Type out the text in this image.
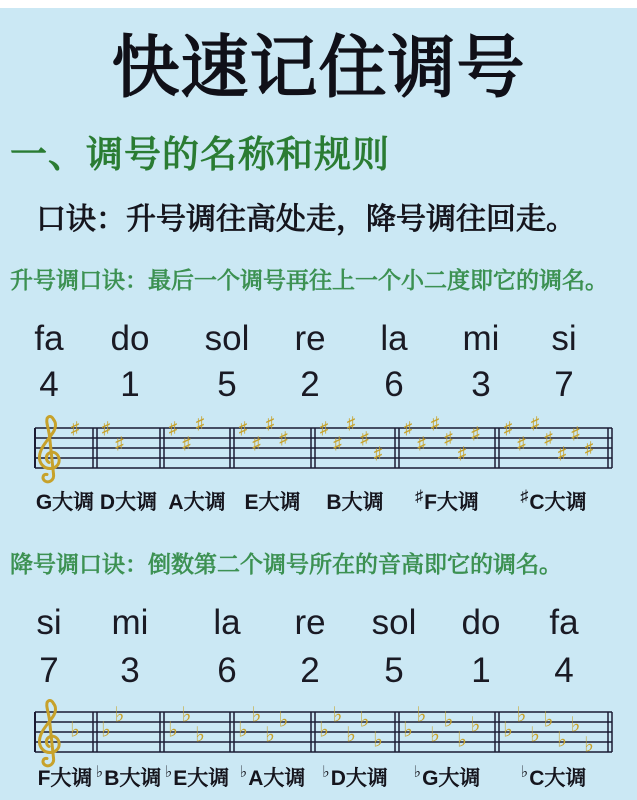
快速记住调号
一、调号的名称和规则
口诀：升号调往高处走，降号调往回走。
升号调口诀：最后一个调号再往上一个小二度即它的调名。
fa do sol re la mi si
4 1 5 2 6 3 7
♯ ♯
♯
♯
♯
♯ ♯
♯
♯
♯
♯
♯
♯
♯
♯
♯
♯
♯
♯
♯
♯ ♯
♯
♯
♯
♯
♯
♯
G大调 D大调 A大调 E大调 B大调 ♯F大调	♯C大调
降号调口诀：倒数第二个调号所在的音高即它的调名。
si mi la re sol do fa
7 3 6 2 5 1 4
♭ ♭
♭
♭
♭
♭ ♭
♭
♭
♭ ♭
♭
♭
♭
♭ ♭
♭
♭
♭
♭
♭ ♭
♭
♭
♭
♭
♭
♭
F大调 ♭B大调 ♭E大调 ♭A大调 ♭D大调 ♭G大调	♭C大调
